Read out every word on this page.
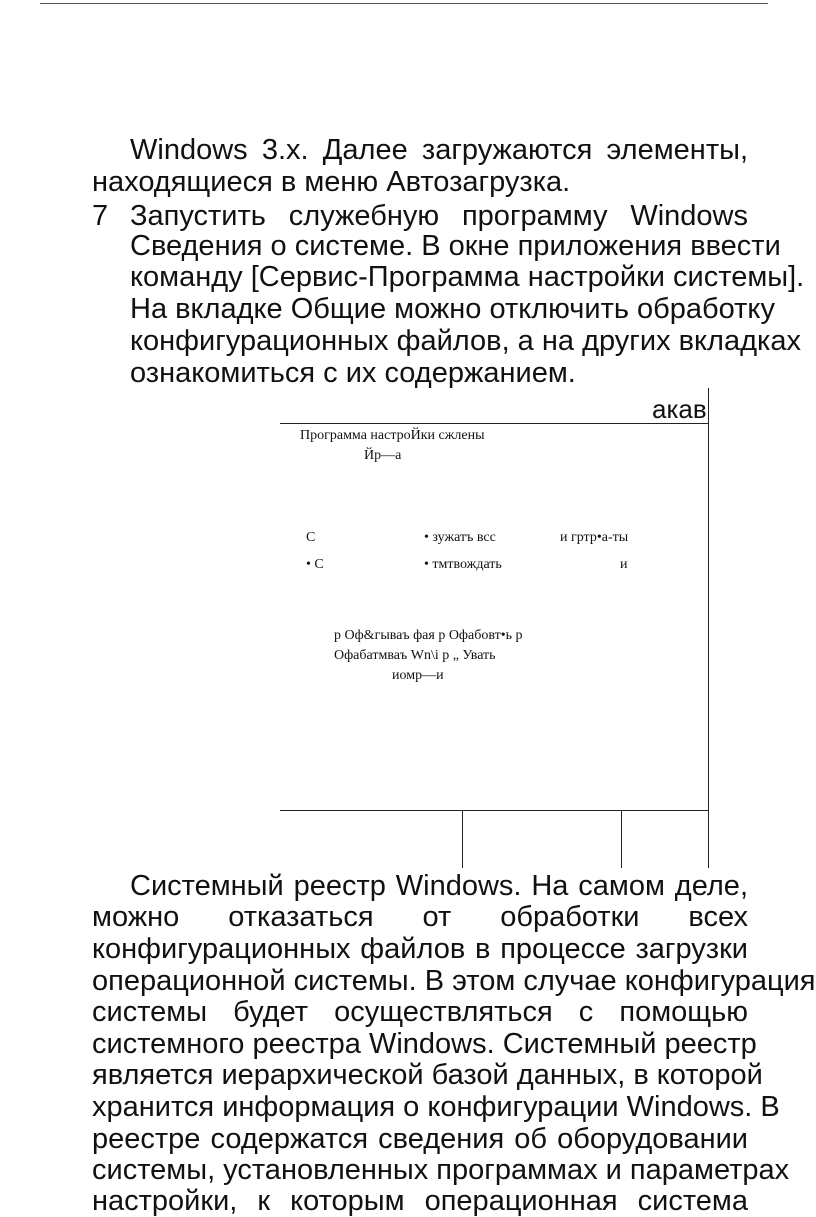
Windows 3.x. Далее загружаются элементы,
находящиеся в меню Автозагрузка.
7 Запустить служебную программу Windows
Сведения о системе. В окне приложения ввести
команду [Сервис-Программа настройки системы].
На вкладке Общие можно отключить обработку
конфигурационных файлов, а на других вкладках
ознакомиться с их содержанием.
акав
Программа настроЙки сжлены
Йр—а
С	• зужатъ всс	и гртр•а-ты
• С	• тмтвождать	и
р Оф&гываъ фая р Офабовт•ь р
Офабатмваъ Wn\i р „ Увать
иомр—и
Системный реестр Windows. На самом деле,
можно отказаться от обработки всех
конфигурационных файлов в процессе загрузки
операционной системы. В этом случае конфигурация
системы будет осуществляться с помощью
системного реестра Windows. Системный реестр
является иерархической базой данных, в которой
хранится информация о конфигурации Windows. В
реестре содержатся сведения об оборудовании
системы, установленных программах и параметрах
настройки, к которым операционная система
